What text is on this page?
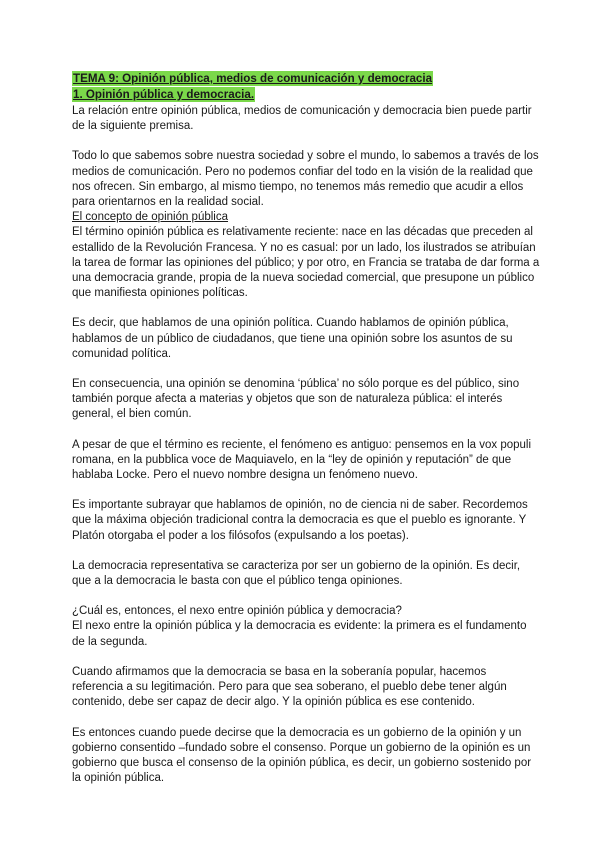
TEMA 9: Opinión pública, medios de comunicación y democracia
1. Opinión pública y democracia.

La relación entre opinión pública, medios de comunicación y democracia bien puede partir de la siguiente premisa.

Todo lo que sabemos sobre nuestra sociedad y sobre el mundo, lo sabemos a través de los medios de comunicación. Pero no podemos confiar del todo en la visión de la realidad que nos ofrecen. Sin embargo, al mismo tiempo, no tenemos más remedio que acudir a ellos para orientarnos en la realidad social.

El concepto de opinión pública

El término opinión pública es relativamente reciente: nace en las décadas que preceden al estallido de la Revolución Francesa. Y no es casual: por un lado, los ilustrados se atribuían la tarea de formar las opiniones del público; y por otro, en Francia se trataba de dar forma a una democracia grande, propia de la nueva sociedad comercial, que presupone un público que manifiesta opiniones políticas.

Es decir, que hablamos de una opinión política. Cuando hablamos de opinión pública, hablamos de un público de ciudadanos, que tiene una opinión sobre los asuntos de su comunidad política.

En consecuencia, una opinión se denomina ‘pública’ no sólo porque es del público, sino también porque afecta a materias y objetos que son de naturaleza pública: el interés general, el bien común.

A pesar de que el término es reciente, el fenómeno es antiguo: pensemos en la vox populi romana, en la pubblica voce de Maquiavelo, en la “ley de opinión y reputación” de que hablaba Locke. Pero el nuevo nombre designa un fenómeno nuevo.

Es importante subrayar que hablamos de opinión, no de ciencia ni de saber. Recordemos que la máxima objeción tradicional contra la democracia es que el pueblo es ignorante. Y Platón otorgaba el poder a los filósofos (expulsando a los poetas).

La democracia representativa se caracteriza por ser un gobierno de la opinión. Es decir, que a la democracia le basta con que el público tenga opiniones.

¿Cuál es, entonces, el nexo entre opinión pública y democracia?

El nexo entre la opinión pública y la democracia es evidente: la primera es el fundamento de la segunda.

Cuando afirmamos que la democracia se basa en la soberanía popular, hacemos referencia a su legitimación. Pero para que sea soberano, el pueblo debe tener algún contenido, debe ser capaz de decir algo. Y la opinión pública es ese contenido.

Es entonces cuando puede decirse que la democracia es un gobierno de la opinión y un gobierno consentido –fundado sobre el consenso. Porque un gobierno de la opinión es un gobierno que busca el consenso de la opinión pública, es decir, un gobierno sostenido por la opinión pública.
